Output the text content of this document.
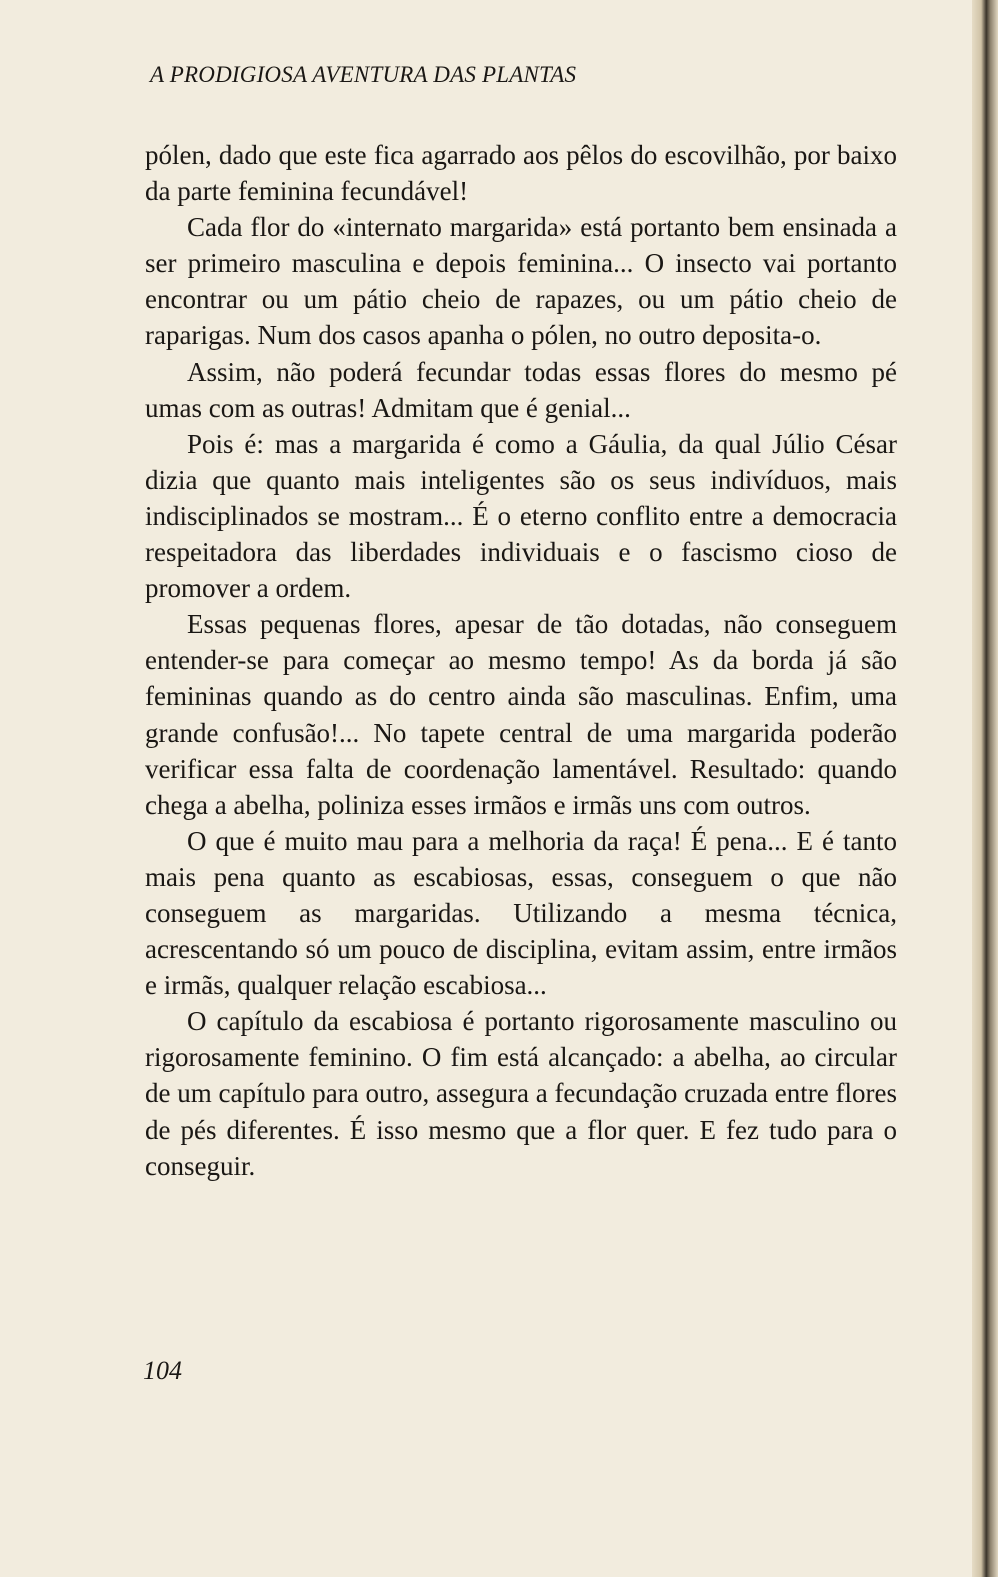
A PRODIGIOSA AVENTURA DAS PLANTAS

pólen, dado que este fica agarrado aos pêlos do escovilhão, por baixo da parte feminina fecundável!

Cada flor do «internato margarida» está portanto bem ensinada a ser primeiro masculina e depois feminina... O insecto vai portanto encontrar ou um pátio cheio de rapazes, ou um pátio cheio de raparigas. Num dos casos apanha o pólen, no outro deposita-o.

Assim, não poderá fecundar todas essas flores do mesmo pé umas com as outras! Admitam que é genial...

Pois é: mas a margarida é como a Gáulia, da qual Júlio César dizia que quanto mais inteligentes são os seus indivíduos, mais indisciplinados se mostram... É o eterno conflito entre a democracia respeitadora das liberdades individuais e o fascismo cioso de promover a ordem.

Essas pequenas flores, apesar de tão dotadas, não conseguem entender-se para começar ao mesmo tempo! As da borda já são femininas quando as do centro ainda são masculinas. Enfim, uma grande confusão!... No tapete central de uma margarida poderão verificar essa falta de coordenação lamentável. Resultado: quando chega a abelha, poliniza esses irmãos e irmãs uns com outros.

O que é muito mau para a melhoria da raça! É pena... E é tanto mais pena quanto as escabiosas, essas, conseguem o que não conseguem as margaridas. Utilizando a mesma técnica, acrescentando só um pouco de disciplina, evitam assim, entre irmãos e irmãs, qualquer relação escabiosa...

O capítulo da escabiosa é portanto rigorosamente masculino ou rigorosamente feminino. O fim está alcançado: a abelha, ao circular de um capítulo para outro, assegura a fecundação cruzada entre flores de pés diferentes. É isso mesmo que a flor quer. E fez tudo para o conseguir.

104
